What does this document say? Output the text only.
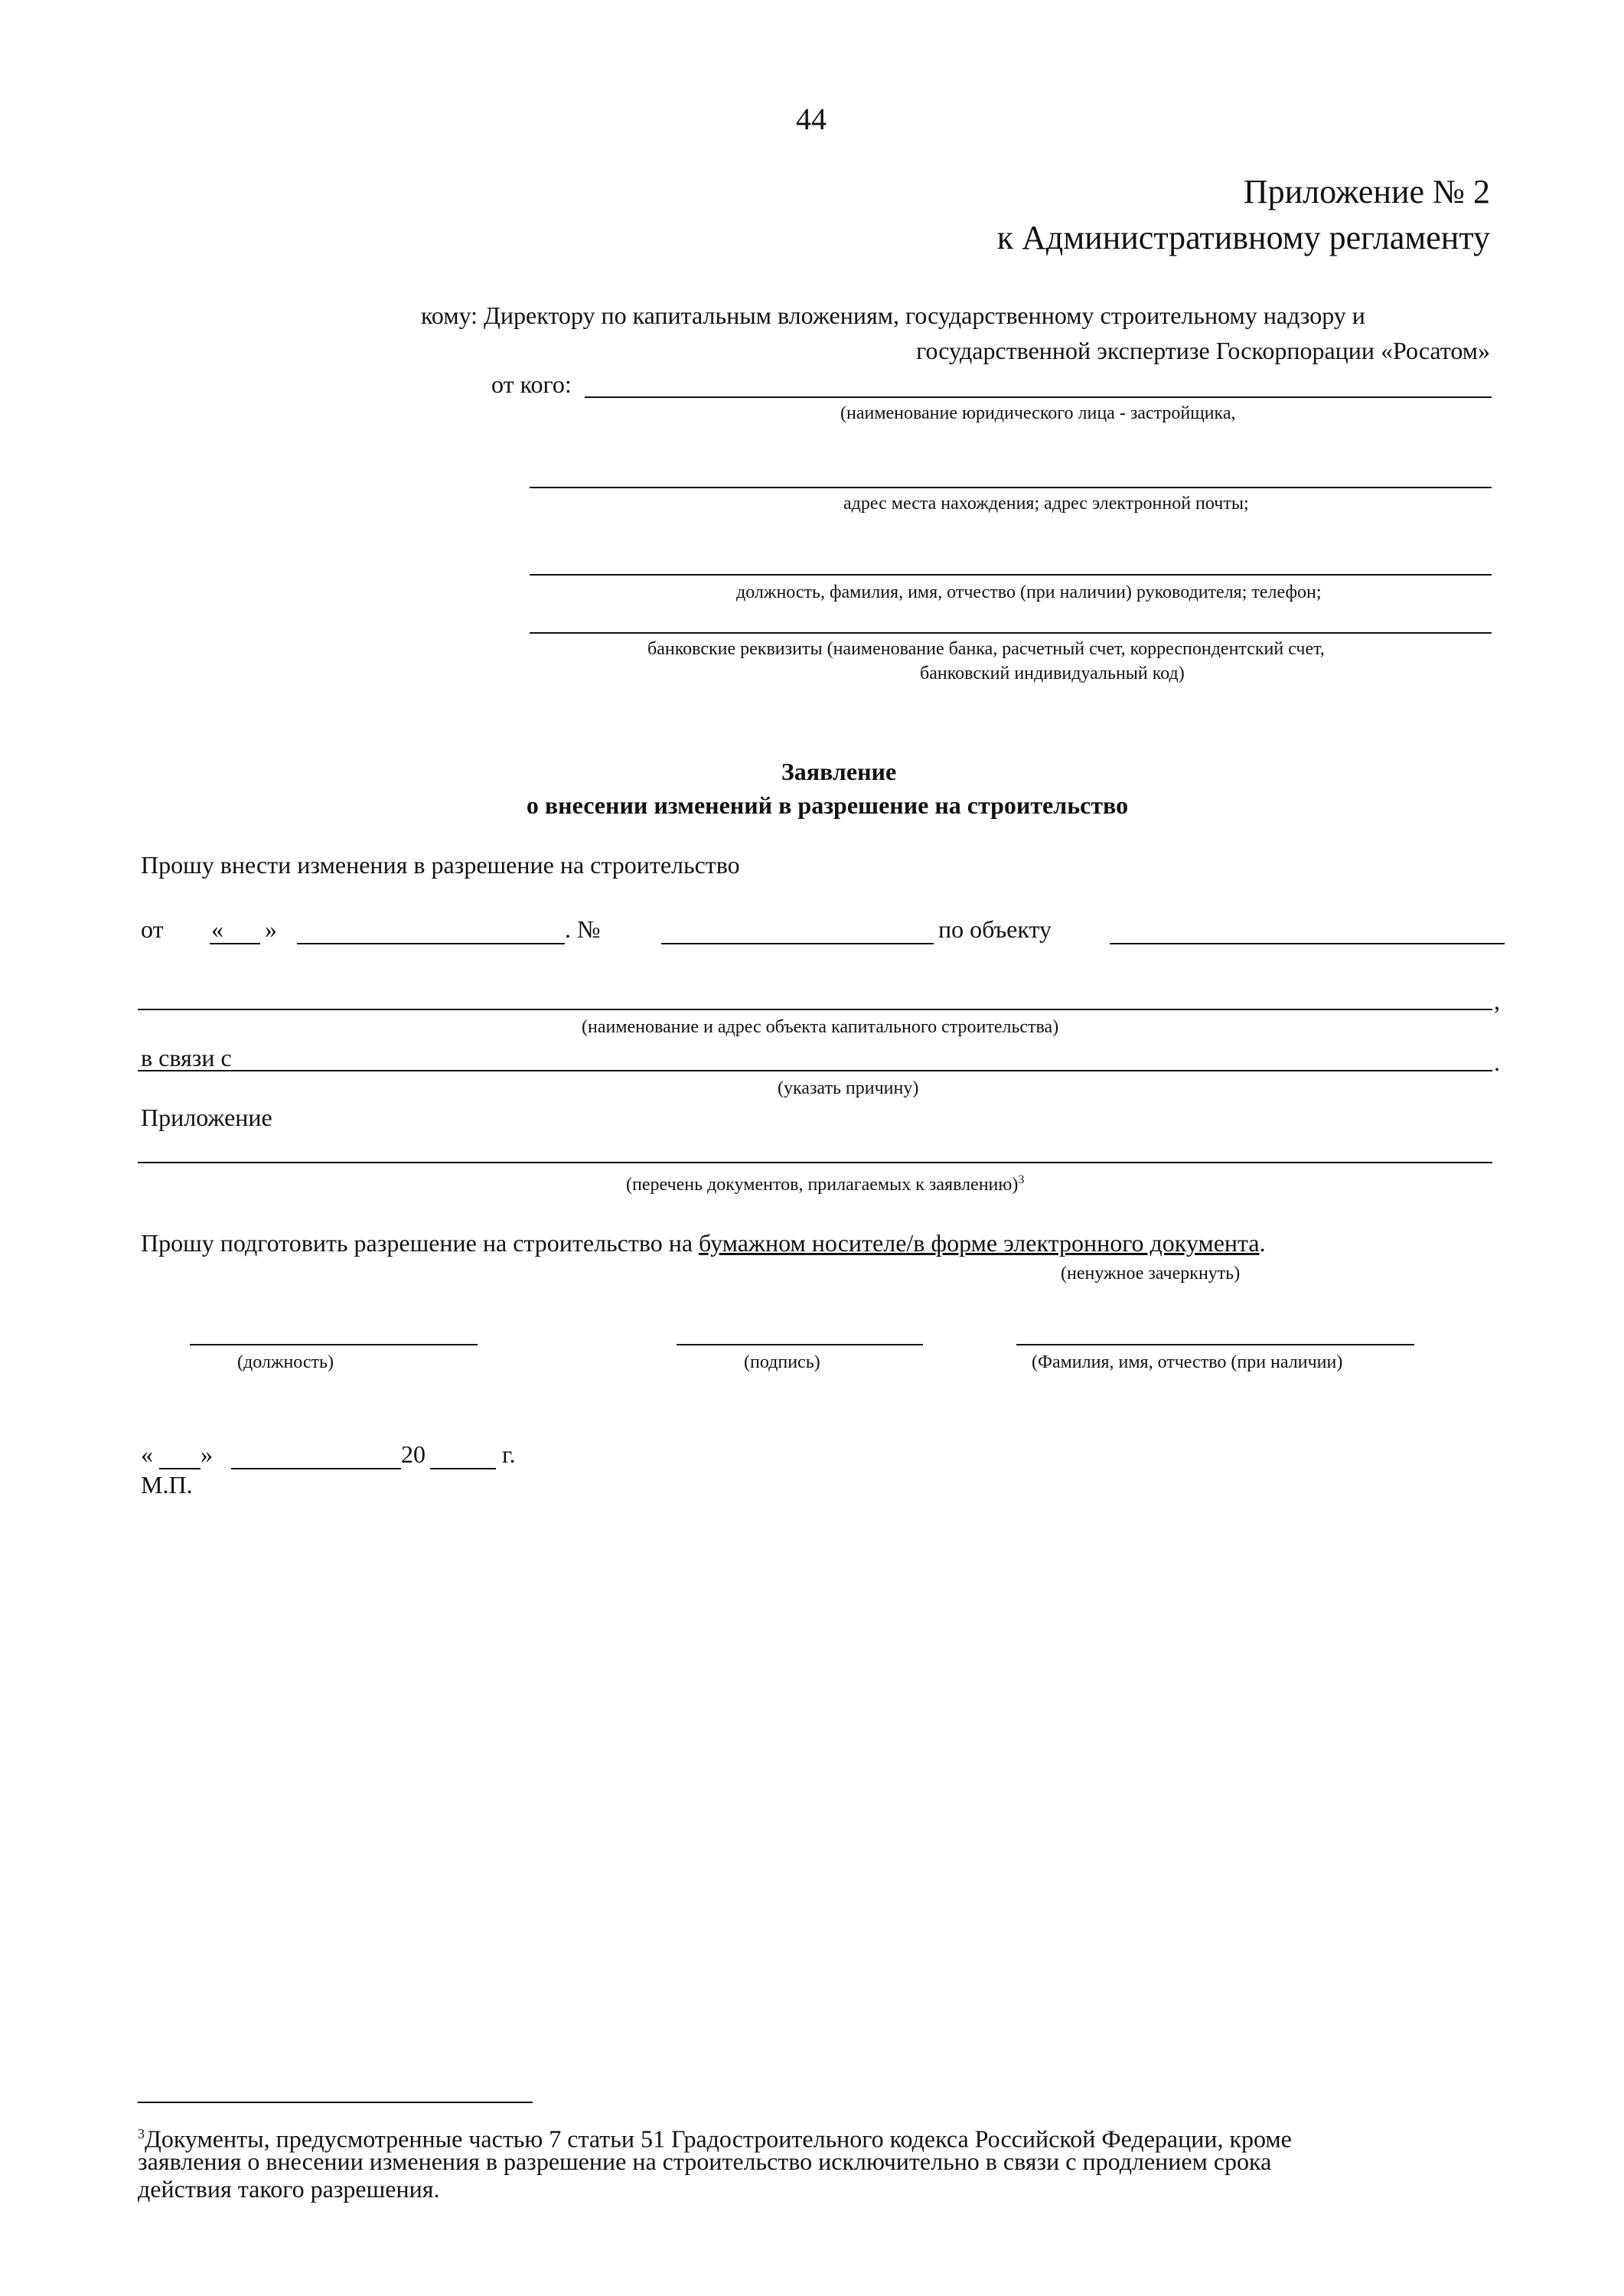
44
Приложение № 2
к Административному регламенту
кому: Директору по капитальным вложениям, государственному строительному надзору и
государственной экспертизе Госкорпорации «Росатом»
от кого:
(наименование юридического лица - застройщика,
адрес места нахождения; адрес электронной почты;
должность, фамилия, имя, отчество (при наличии) руководителя; телефон;
банковские реквизиты (наименование банка, расчетный счет, корреспондентский счет,
банковский индивидуальный код)
Заявление
о внесении изменений в разрешение на строительство
Прошу внести изменения в разрешение на строительство
от « »	. №	по объекту
,
(наименование и адрес объекта капитального строительства)
в связи с	.
(указать причину)
Приложение
(перечень документов, прилагаемых к заявлению)$^3$
Прошу подготовить разрешение на строительство на бумажном носителе/в форме электронного документа.
(ненужное зачеркнуть)
(должность)	(подпись)	(Фамилия, имя, отчество (при наличии)
« »	20	г.
М.П.
$^3$Документы, предусмотренные частью 7 статьи 51 Градостроительного кодекса Российской Федерации, кроме
заявления о внесении изменения в разрешение на строительство исключительно в связи с продлением срока
действия такого разрешения.
